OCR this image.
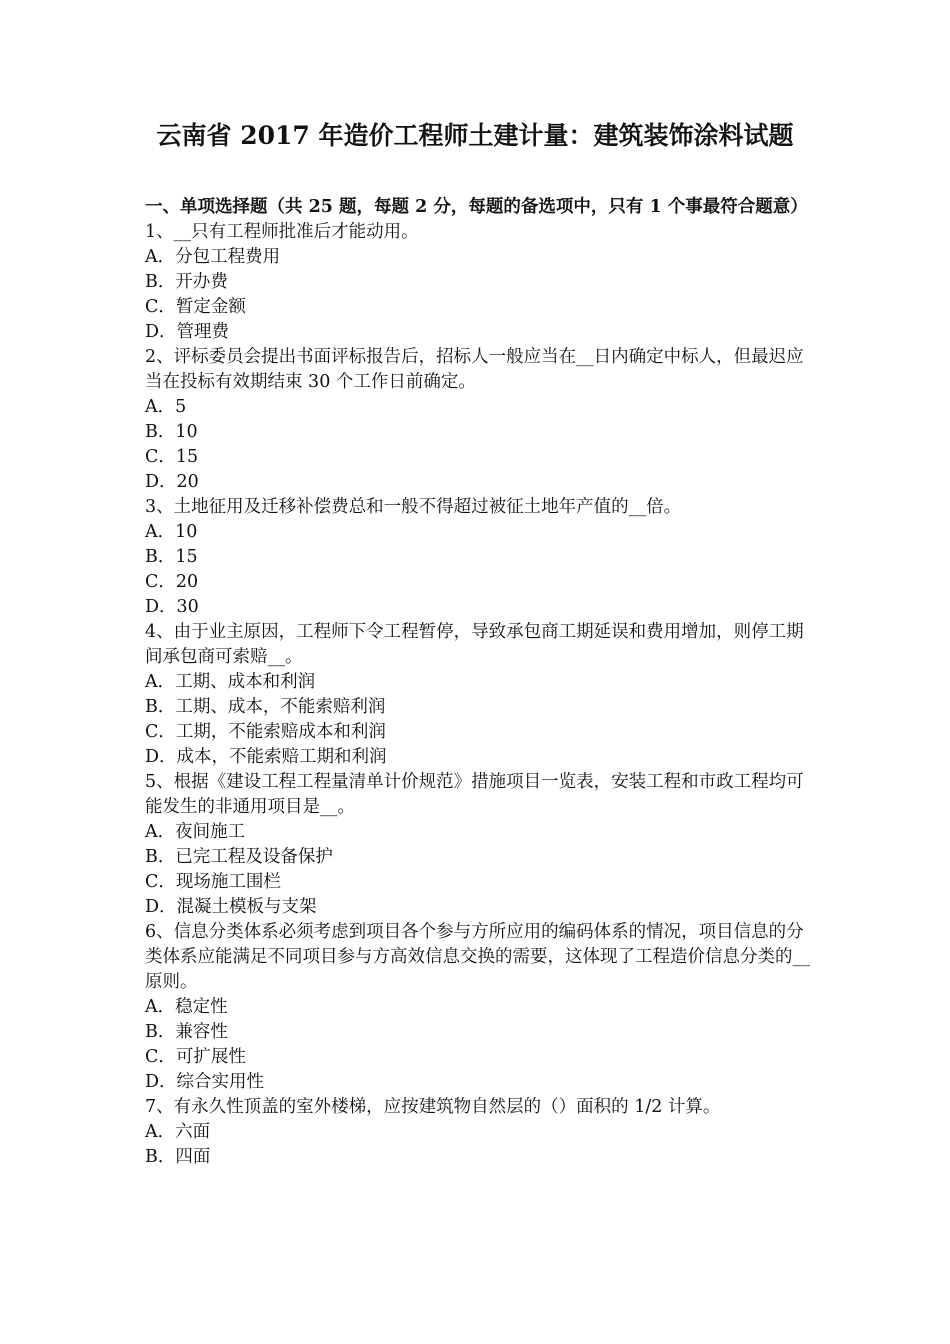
云南省 2017 年造价工程师土建计量：建筑装饰涂料试题

一、单项选择题（共 25 题，每题 2 分，每题的备选项中，只有 1 个事最符合题意）

1、__只有工程师批准后才能动用。

A．分包工程费用

B．开办费

C．暂定金额

D．管理费

2、评标委员会提出书面评标报告后，招标人一般应当在__日内确定中标人，但最迟应当在投标有效期结束 30 个工作日前确定。

A．5

B．10

C．15

D．20

3、土地征用及迁移补偿费总和一般不得超过被征土地年产值的__倍。

A．10

B．15

C．20

D．30

4、由于业主原因，工程师下令工程暂停，导致承包商工期延误和费用增加，则停工期间承包商可索赔__。

A．工期、成本和利润

B．工期、成本，不能索赔利润

C．工期，不能索赔成本和利润

D．成本，不能索赔工期和利润

5、根据《建设工程工程量清单计价规范》措施项目一览表，安装工程和市政工程均可能发生的非通用项目是__。

A．夜间施工

B．已完工程及设备保护

C．现场施工围栏

D．混凝土模板与支架

6、信息分类体系必须考虑到项目各个参与方所应用的编码体系的情况，项目信息的分类体系应能满足不同项目参与方高效信息交换的需要，这体现了工程造价信息分类的__原则。

A．稳定性

B．兼容性

C．可扩展性

D．综合实用性

7、有永久性顶盖的室外楼梯，应按建筑物自然层的（）面积的 1/2 计算。

A．六面

B．四面
